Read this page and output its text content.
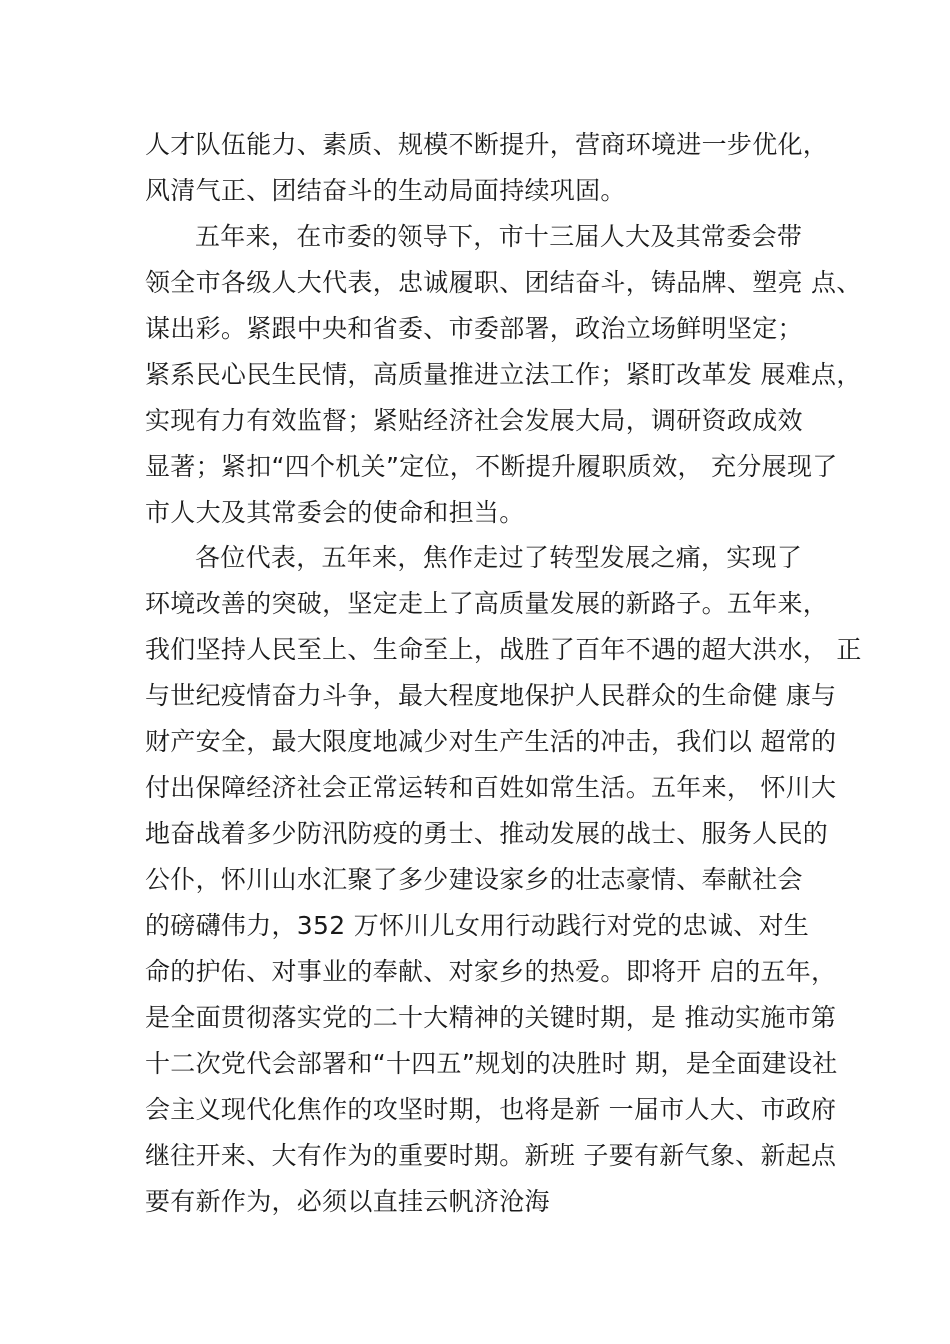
人才队伍能力、素质、规模不断提升，营商环境进一步优化，

风清气正、团结奋斗的生动局面持续巩固。

五年来，在市委的领导下，市十三届人大及其常委会带

领全市各级人大代表，忠诚履职、团结奋斗，铸品牌、塑亮 点、

谋出彩。紧跟中央和省委、市委部署，政治立场鲜明坚定；

紧系民心民生民情，高质量推进立法工作；紧盯改革发 展难点，

实现有力有效监督；紧贴经济社会发展大局，调研资政成效

显著；紧扣“四个机关”定位，不断提升履职质效， 充分展现了

市人大及其常委会的使命和担当。

各位代表，五年来，焦作走过了转型发展之痛，实现了

环境改善的突破，坚定走上了高质量发展的新路子。五年来，

我们坚持人民至上、生命至上，战胜了百年不遇的超大洪水， 正

与世纪疫情奋力斗争，最大程度地保护人民群众的生命健 康与

财产安全，最大限度地减少对生产生活的冲击，我们以 超常的

付出保障经济社会正常运转和百姓如常生活。五年来， 怀川大

地奋战着多少防汛防疫的勇士、推动发展的战士、服务人民的

公仆，怀川山水汇聚了多少建设家乡的壮志豪情、奉献社会

的磅礴伟力，352 万怀川儿女用行动践行对党的忠诚、对生

命的护佑、对事业的奉献、对家乡的热爱。即将开 启的五年，

是全面贯彻落实党的二十大精神的关键时期，是 推动实施市第

十二次党代会部署和“十四五”规划的决胜时 期，是全面建设社

会主义现代化焦作的攻坚时期，也将是新 一届市人大、市政府

继往开来、大有作为的重要时期。新班 子要有新气象、新起点

要有新作为，必须以直挂云帆济沧海
